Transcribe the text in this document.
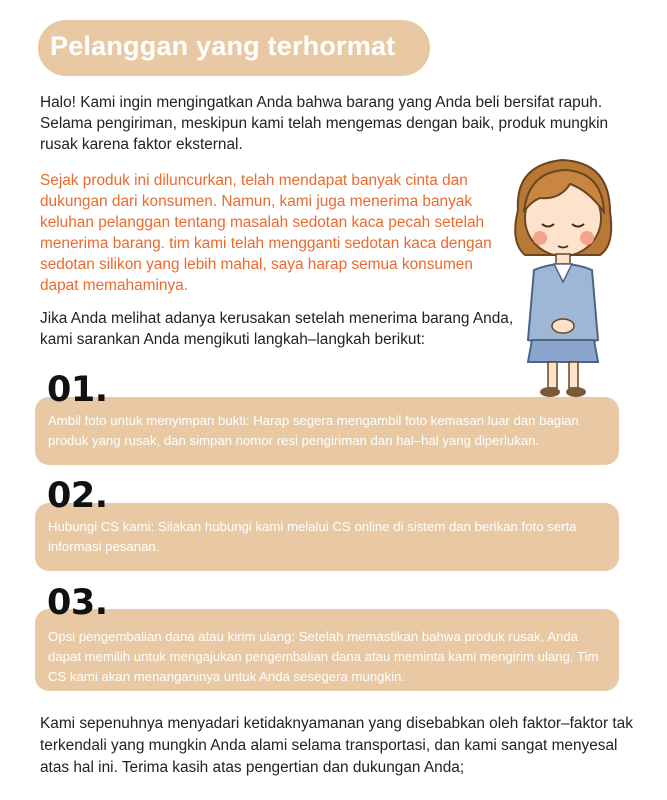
Pelanggan yang terhormat
Halo! Kami ingin mengingatkan Anda bahwa barang yang Anda beli bersifat rapuh. Selama pengiriman, meskipun kami telah mengemas dengan baik, produk mungkin rusak karena faktor eksternal.
Sejak produk ini diluncurkan, telah mendapat banyak cinta dan dukungan dari konsumen. Namun, kami juga menerima banyak keluhan pelanggan tentang masalah sedotan kaca pecah setelah menerima barang. tim kami telah mengganti sedotan kaca dengan sedotan silikon yang lebih mahal, saya harap semua konsumen dapat memahaminya.
Jika Anda melihat adanya kerusakan setelah menerima barang Anda, kami sarankan Anda mengikuti langkah–langkah berikut:
Ambil foto untuk menyimpan bukti: Harap segera mengambil foto kemasan luar dan bagian produk yang rusak, dan simpan nomor resi pengiriman dan hal–hal yang diperlukan.
01.
Hubungi CS kami: Silakan hubungi kami melalui CS online di sistem dan berikan foto serta informasi pesanan.
02.
Opsi pengembalian dana atau kirim ulang: Setelah memastikan bahwa produk rusak, Anda dapat memilih untuk mengajukan pengembalian dana atau meminta kami mengirim ulang. Tim CS kami akan menanganinya untuk Anda sesegera mungkin.
03.
Kami sepenuhnya menyadari ketidaknyamanan yang disebabkan oleh faktor–faktor tak terkendali yang mungkin Anda alami selama transportasi, dan kami sangat menyesal atas hal ini. Terima kasih atas pengertian dan dukungan Anda;
